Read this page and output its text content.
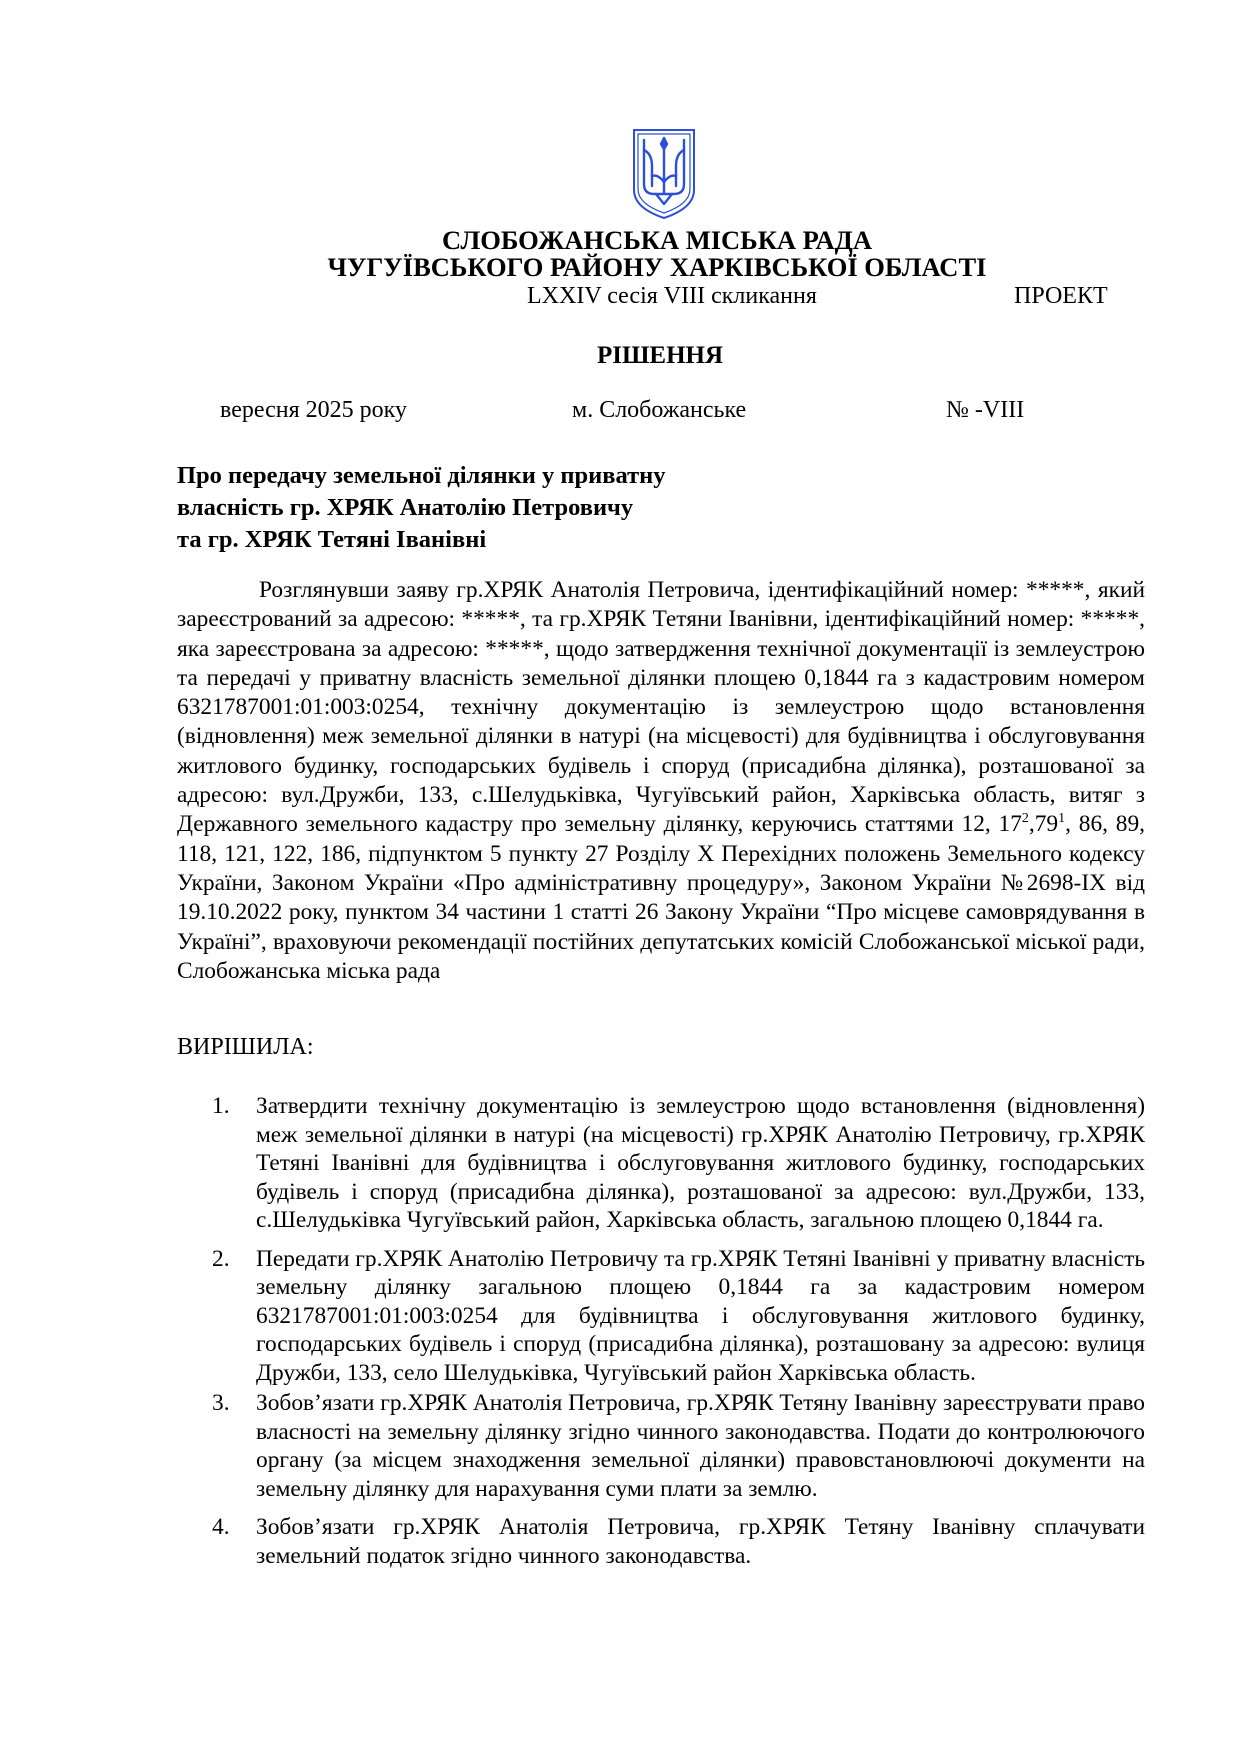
СЛОБОЖАНСЬКА МІСЬКА РАДА
ЧУГУЇВСЬКОГО РАЙОНУ ХАРКІВСЬКОЇ ОБЛАСТІ
LXXIV сесія VIII скликання	ПРОЕКТ
РІШЕННЯ
вересня 2025 року	м. Слобожанське	№ -VIII
Про передачу земельної ділянки у приватну
власність гр. ХРЯК Анатолію Петровичу
та гр. ХРЯК Тетяні Іванівні

Розглянувши заяву гр.ХРЯК Анатолія Петровича, ідентифікаційний номер: *****, який зареєстрований за адресою: *****, та гр.ХРЯК Тетяни Іванівни, ідентифікаційний номер: *****, яка зареєстрована за адресою: *****, щодо затвердження технічної документації із землеустрою та передачі у приватну власність земельної ділянки площею 0,1844 га з кадастровим номером 6321787001:01:003:0254, технічну документацію із землеустрою щодо встановлення (відновлення) меж земельної ділянки в натурі (на місцевості) для будівництва і обслуговування житлового будинку, господарських будівель і споруд (присадибна ділянка), розташованої за адресою: вул.Дружби, 133, с.Шелудьківка, Чугуївський район, Харківська область, витяг з Державного земельного кадастру про земельну ділянку, керуючись статтями 12, $17^2,79^1$, 86, 89, 118, 121, 122, 186, підпунктом 5 пункту 27 Розділу Х Перехідних положень Земельного кодексу України, Законом України «Про адміністративну процедуру», Законом України №2698-IX від 19.10.2022 року, пунктом 34 частини 1 статті 26 Закону України “Про місцеве самоврядування в Україні”, враховуючи рекомендації постійних депутатських комісій Слобожанської міської ради, Слобожанська міська рада

ВИРІШИЛА:
1. Затвердити технічну документацію із землеустрою щодо встановлення (відновлення) меж земельної ділянки в натурі (на місцевості) гр.ХРЯК Анатолію Петровичу, гр.ХРЯК Тетяні Іванівні для будівництва і обслуговування житлового будинку, господарських будівель і споруд (присадибна ділянка), розташованої за адресою: вул.Дружби, 133, с.Шелудьківка Чугуївський район, Харківська область, загальною площею 0,1844 га.
2. Передати гр.ХРЯК Анатолію Петровичу та гр.ХРЯК Тетяні Іванівні у приватну власність земельну ділянку загальною площею 0,1844 га за кадастровим номером 6321787001:01:003:0254 для будівництва і обслуговування житлового будинку, господарських будівель і споруд (присадибна ділянка), розташовану за адресою: вулиця Дружби, 133, село Шелудьківка, Чугуївський район Харківська область.
3. Зобов’язати гр.ХРЯК Анатолія Петровича, гр.ХРЯК Тетяну Іванівну зареєструвати право власності на земельну ділянку згідно чинного законодавства. Подати до контролюючого органу (за місцем знаходження земельної ділянки) правовстановлюючі документи на земельну ділянку для нарахування суми плати за землю.
4. Зобов’язати гр.ХРЯК Анатолія Петровича, гр.ХРЯК Тетяну Іванівну сплачувати земельний податок згідно чинного законодавства.
